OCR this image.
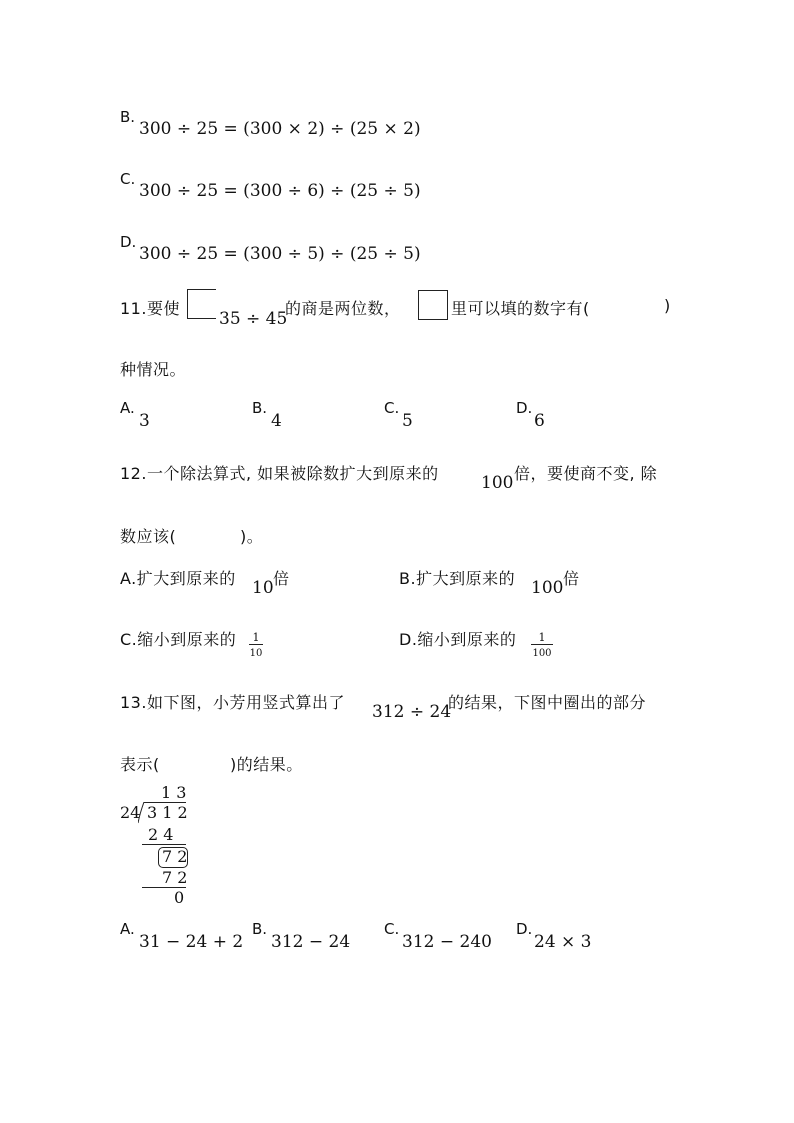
B.
300 ÷ 25 = (300 × 2) ÷ (25 × 2)
C.
300 ÷ 25 = (300 ÷ 6) ÷ (25 ÷ 5)
D.
300 ÷ 25 = (300 ÷ 5) ÷ (25 ÷ 5)
11.要使
35 ÷ 45
的商是两位数，	里可以填的数字有(	)
种情况。
A.
3
B.
4
C.
5
D.
6
12.一个除法算式, 如果被除数扩大到原来的 100 倍，要使商不变, 除
数应该(	)。
A.扩大到原来的 10 倍	B.扩大到原来的 100 倍
C.缩小到原来的 1
10
D.缩小到原来的 1
100
13.如下图，小芳用竖式算出了 312 ÷ 24
的结果，下图中圈出的部分
表示(	)的结果。
1 3
24 3 1 2
2 4
7 2
7 2
0
A.
31 − 24 + 2
B.
312 − 24
C.
312 − 240
D.
24 × 3
